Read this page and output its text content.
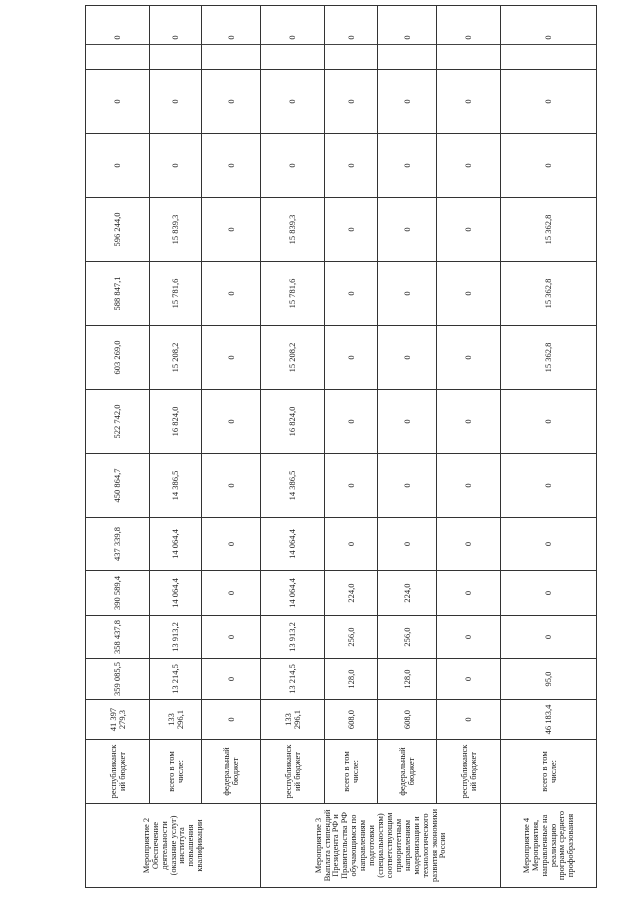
Мероприятие 2 Обеспечение деятельности (оказание услуг) института повышения квалификации	республиканский бюджет	41 397 279,3	359 085,5	358 437,8	390 589,4	437 339,8	450 864,7	522 742,0	603 269,0	588 847,1	596 244,0	0	0	0
	всего в том числе:	133 296,1	13 214,5	13 913,2	14 064,4	14 064,4	14 386,5	16 824,0	15 208,2	15 781,6	15 839,3	0	0	0
	федеральный бюджет	0	0	0	0	0	0	0	0	0	0	0	0	0
Мероприятие 3 Выплата стипендий Президента РФ и Правительства РФ обучающимся по направлениям подготовки (специальностям) соответствующим приоритетным направлениям модернизации и технологического развития экономики России	республиканский бюджет	133 296,1	13 214,5	13 913,2	14 064,4	14 064,4	14 386,5	16 824,0	15 208,2	15 781,6	15 839,3	0	0	0
	всего в том числе:	608,0	128,0	256,0	224,0	0	0	0	0	0	0	0	0	0
	федеральный бюджет	608,0	128,0	256,0	224,0	0	0	0	0	0	0	0	0	0
	республиканский бюджет	0	0	0	0	0	0	0	0	0	0	0	0	0
Мероприятие 4 Мероприятия, направленные на реализацию программ среднего профобразования	всего в том числе:	46 183,4	95,0	0	0	0	0	0	15 362,8	15 362,8	15 362,8	0	0	0
